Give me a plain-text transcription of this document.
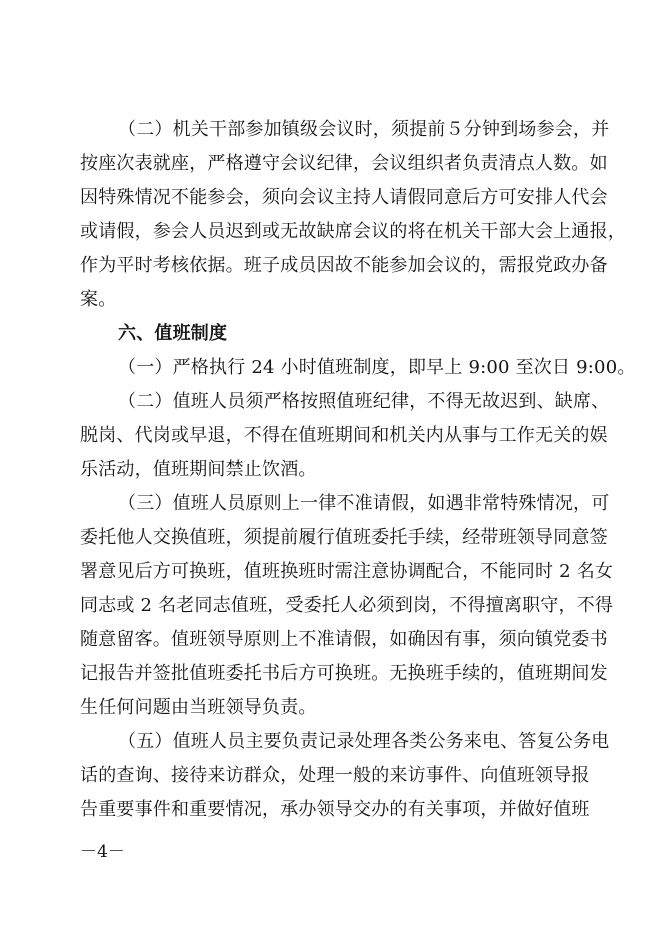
（二）机关干部参加镇级会议时，须提前５分钟到场参会，并
按座次表就座，严格遵守会议纪律，会议组织者负责清点人数。如
因特殊情况不能参会，须向会议主持人请假同意后方可安排人代会
或请假，参会人员迟到或无故缺席会议的将在机关干部大会上通报，
作为平时考核依据。班子成员因故不能参加会议的，需报党政办备
案。
六、值班制度
（一）严格执行 24 小时值班制度，即早上 9:00 至次日 9:00。
（二）值班人员须严格按照值班纪律，不得无故迟到、缺席、
脱岗、代岗或早退，不得在值班期间和机关内从事与工作无关的娱
乐活动，值班期间禁止饮酒。
（三）值班人员原则上一律不准请假，如遇非常特殊情况，可
委托他人交换值班，须提前履行值班委托手续，经带班领导同意签
署意见后方可换班，值班换班时需注意协调配合，不能同时 2 名女
同志或 2 名老同志值班，受委托人必须到岗，不得擅离职守，不得
随意留客。值班领导原则上不准请假，如确因有事，须向镇党委书
记报告并签批值班委托书后方可换班。无换班手续的，值班期间发
生任何问题由当班领导负责。
（五）值班人员主要负责记录处理各类公务来电、答复公务电
话的查询、接待来访群众，处理一般的来访事件、向值班领导报
告重要事件和重要情况，承办领导交办的有关事项，并做好值班
－4－
